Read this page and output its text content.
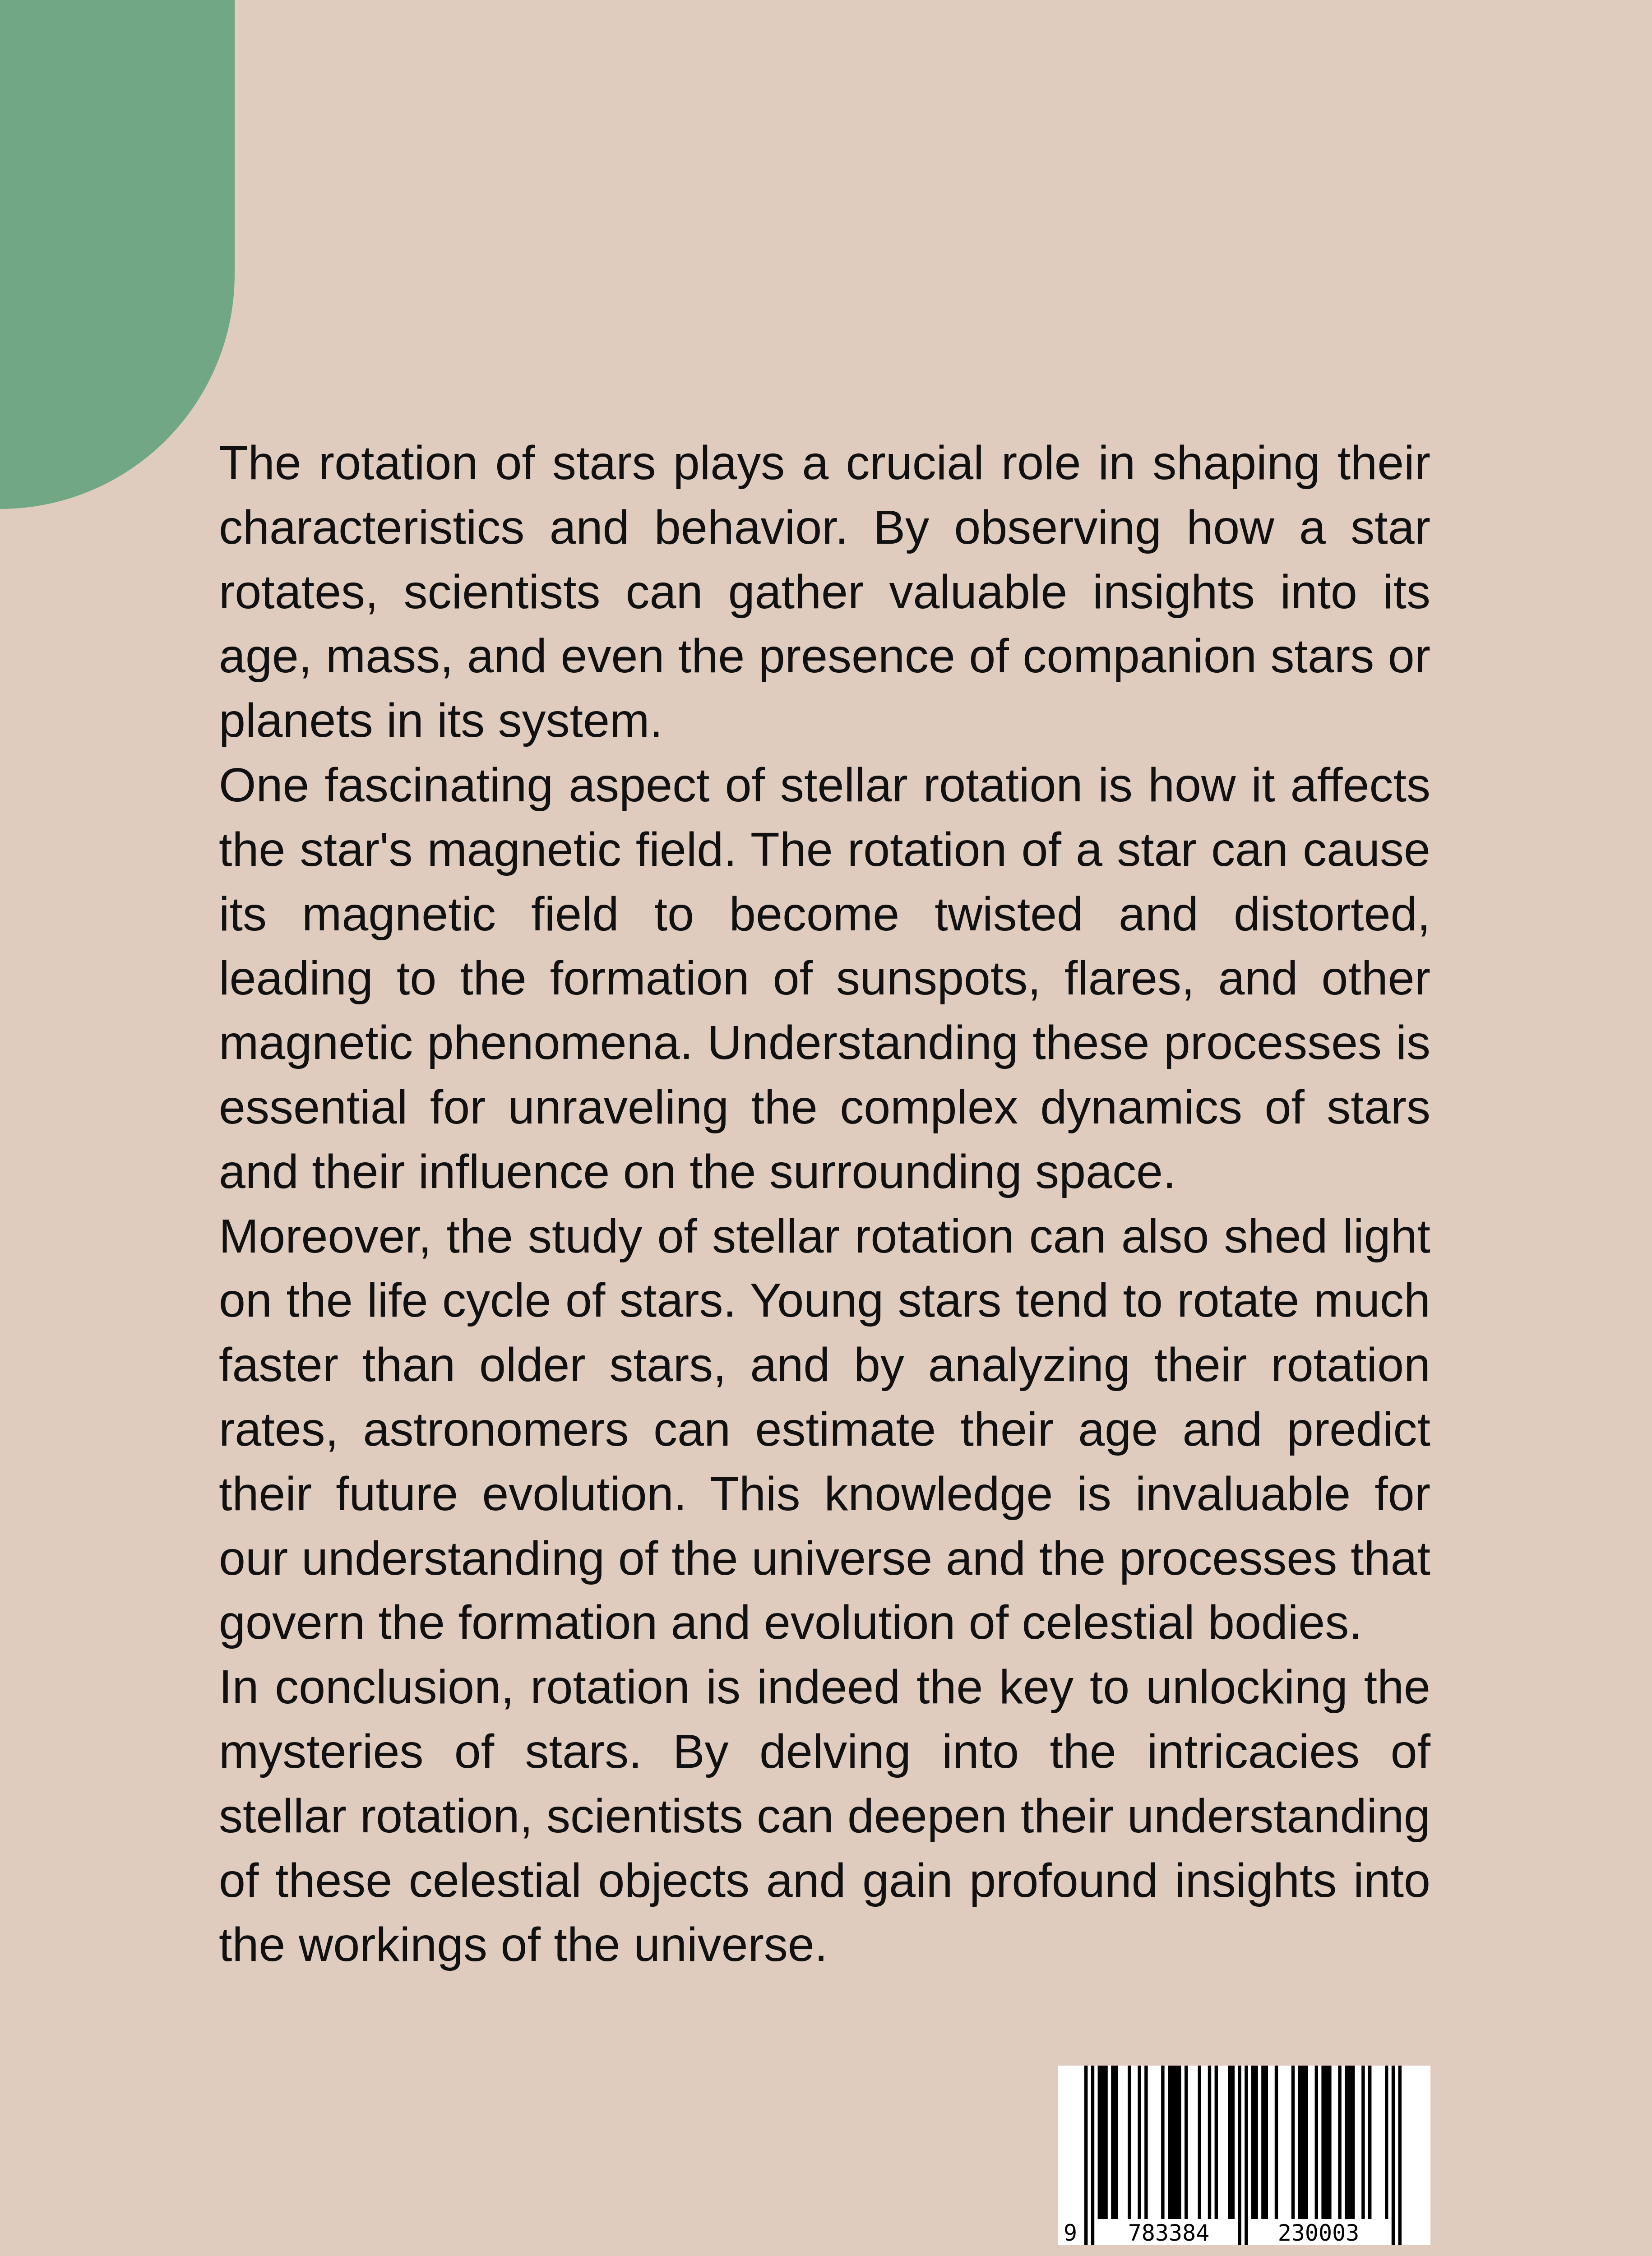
The rotation of stars plays a crucial role in shaping their characteristics and behavior. By observing how a star rotates, scientists can gather valuable insights into its age, mass, and even the presence of companion stars or planets in its system.

One fascinating aspect of stellar rotation is how it affects the star's magnetic field. The rotation of a star can cause its magnetic field to become twisted and distorted, leading to the formation of sunspots, flares, and other magnetic phenomena. Understanding these processes is essential for unraveling the complex dynamics of stars and their influence on the surrounding space.

Moreover, the study of stellar rotation can also shed light on the life cycle of stars. Young stars tend to rotate much faster than older stars, and by analyzing their rotation rates, astronomers can estimate their age and predict their future evolution. This knowledge is invaluable for our understanding of the universe and the processes that govern the formation and evolution of celestial bodies.

In conclusion, rotation is indeed the key to unlocking the mysteries of stars. By delving into the intricacies of stellar rotation, scientists can deepen their understanding of these celestial objects and gain profound insights into the workings of the universe.

9 783384	230003
